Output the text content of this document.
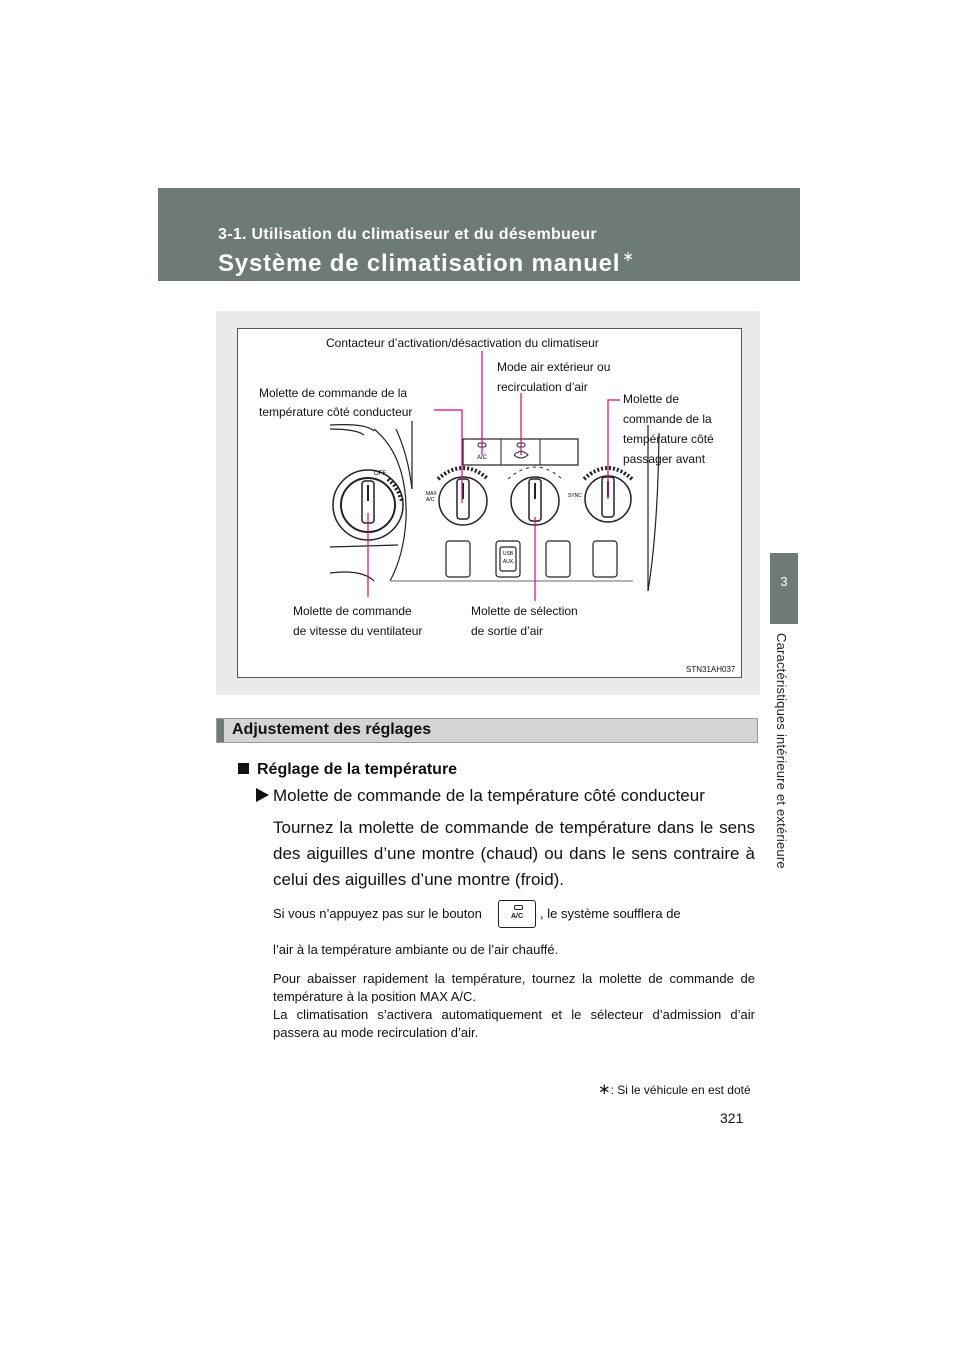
3-1. Utilisation du climatiseur et du désembueur
Système de climatisation manuel ∗
3
Caractéristiques intérieure et extérieure
A/C
OFF
MAX
A/C
SYNC
USB
AUX
Contacteur d’activation/désactivation du climatiseur
Mode air extérieur ou
recirculation d’air
Molette de commande de la
température côté conducteur
Molette de
commande de la
température côté
passager avant
Molette de commande
de vitesse du ventilateur
Molette de sélection
de sortie d’air
STN31AH037
Adjustement des réglages
Réglage de la température
Molette de commande de la température côté conducteur
Tournez la molette de commande de température dans le sens des aiguilles d’une montre (chaud) ou dans le sens contraire à celui des aiguilles d’une montre (froid).
Si vous n’appuyez pas sur le bouton	A/C	, le système soufflera de
l’air à la température ambiante ou de l’air chauffé.
Pour abaisser rapidement la température, tournez la molette de commande de température à la position MAX A/C.
La climatisation s’activera automatiquement et le sélecteur d’admission d’air passera au mode recirculation d’air.
∗: Si le véhicule en est doté
321
